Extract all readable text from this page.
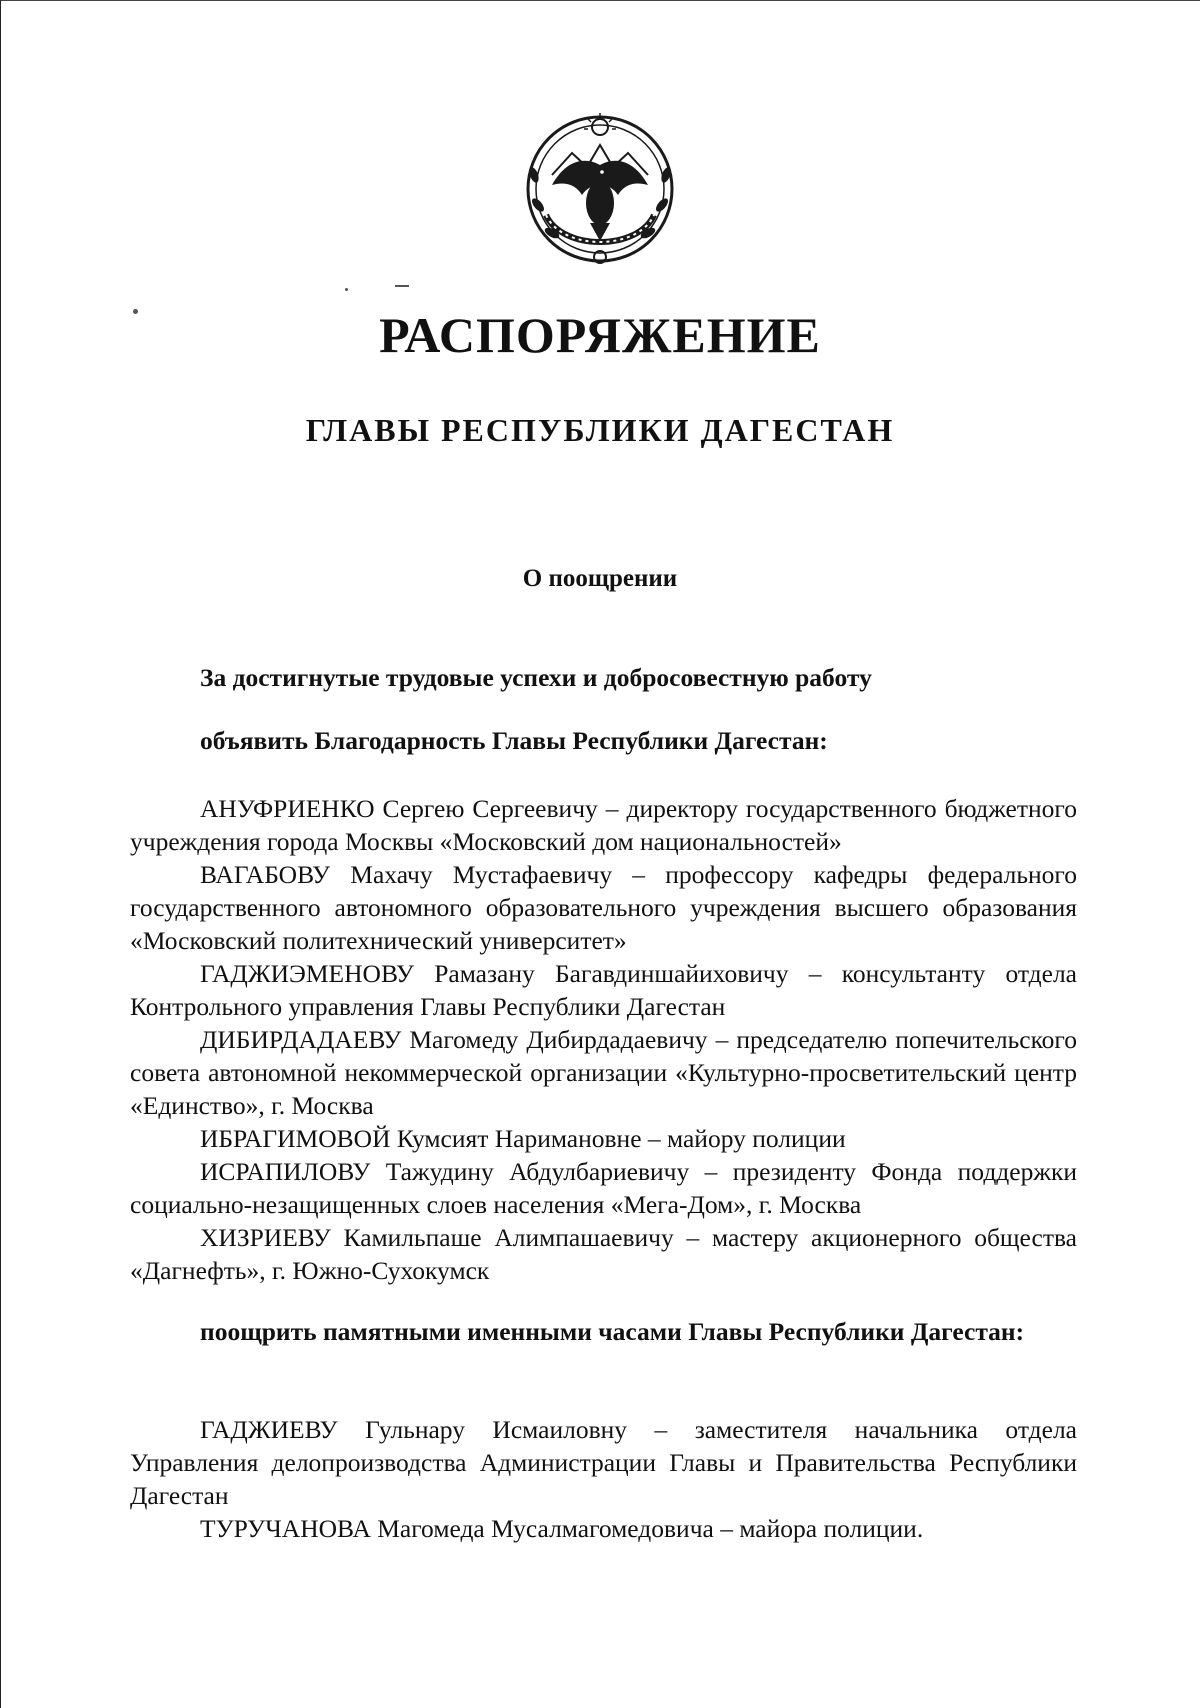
РАСПОРЯЖЕНИЕ
ГЛАВЫ РЕСПУБЛИКИ ДАГЕСТАН
О поощрении

За достигнутые трудовые успехи и добросовестную работу

объявить Благодарность Главы Республики Дагестан:

АНУФРИЕНКО Сергею Сергеевичу – директору государственного бюджетного учреждения города Москвы «Московский дом национальностей»

ВАГАБОВУ Махачу Мустафаевичу – профессору кафедры федерального государственного автономного образовательного учреждения высшего образования «Московский политехнический университет»

ГАДЖИЭМЕНОВУ Рамазану Багавдиншайиховичу – консультанту отдела Контрольного управления Главы Республики Дагестан

ДИБИРДАДАЕВУ Магомеду Дибирдадаевичу – председателю попечительского совета автономной некоммерческой организации «Культурно-просветительский центр «Единство», г. Москва

ИБРАГИМОВОЙ Кумсият Наримановне – майору полиции

ИСРАПИЛОВУ Тажудину Абдулбариевичу – президенту Фонда поддержки социально-незащищенных слоев населения «Мега-Дом», г. Москва

ХИЗРИЕВУ Камильпаше Алимпашаевичу – мастеру акционерного общества «Дагнефть», г. Южно-Сухокумск

поощрить памятными именными часами Главы Республики Дагестан:

ГАДЖИЕВУ Гульнару Исмаиловну – заместителя начальника отдела Управления делопроизводства Администрации Главы и Правительства Республики Дагестан

ТУРУЧАНОВА Магомеда Мусалмагомедовича – майора полиции.
